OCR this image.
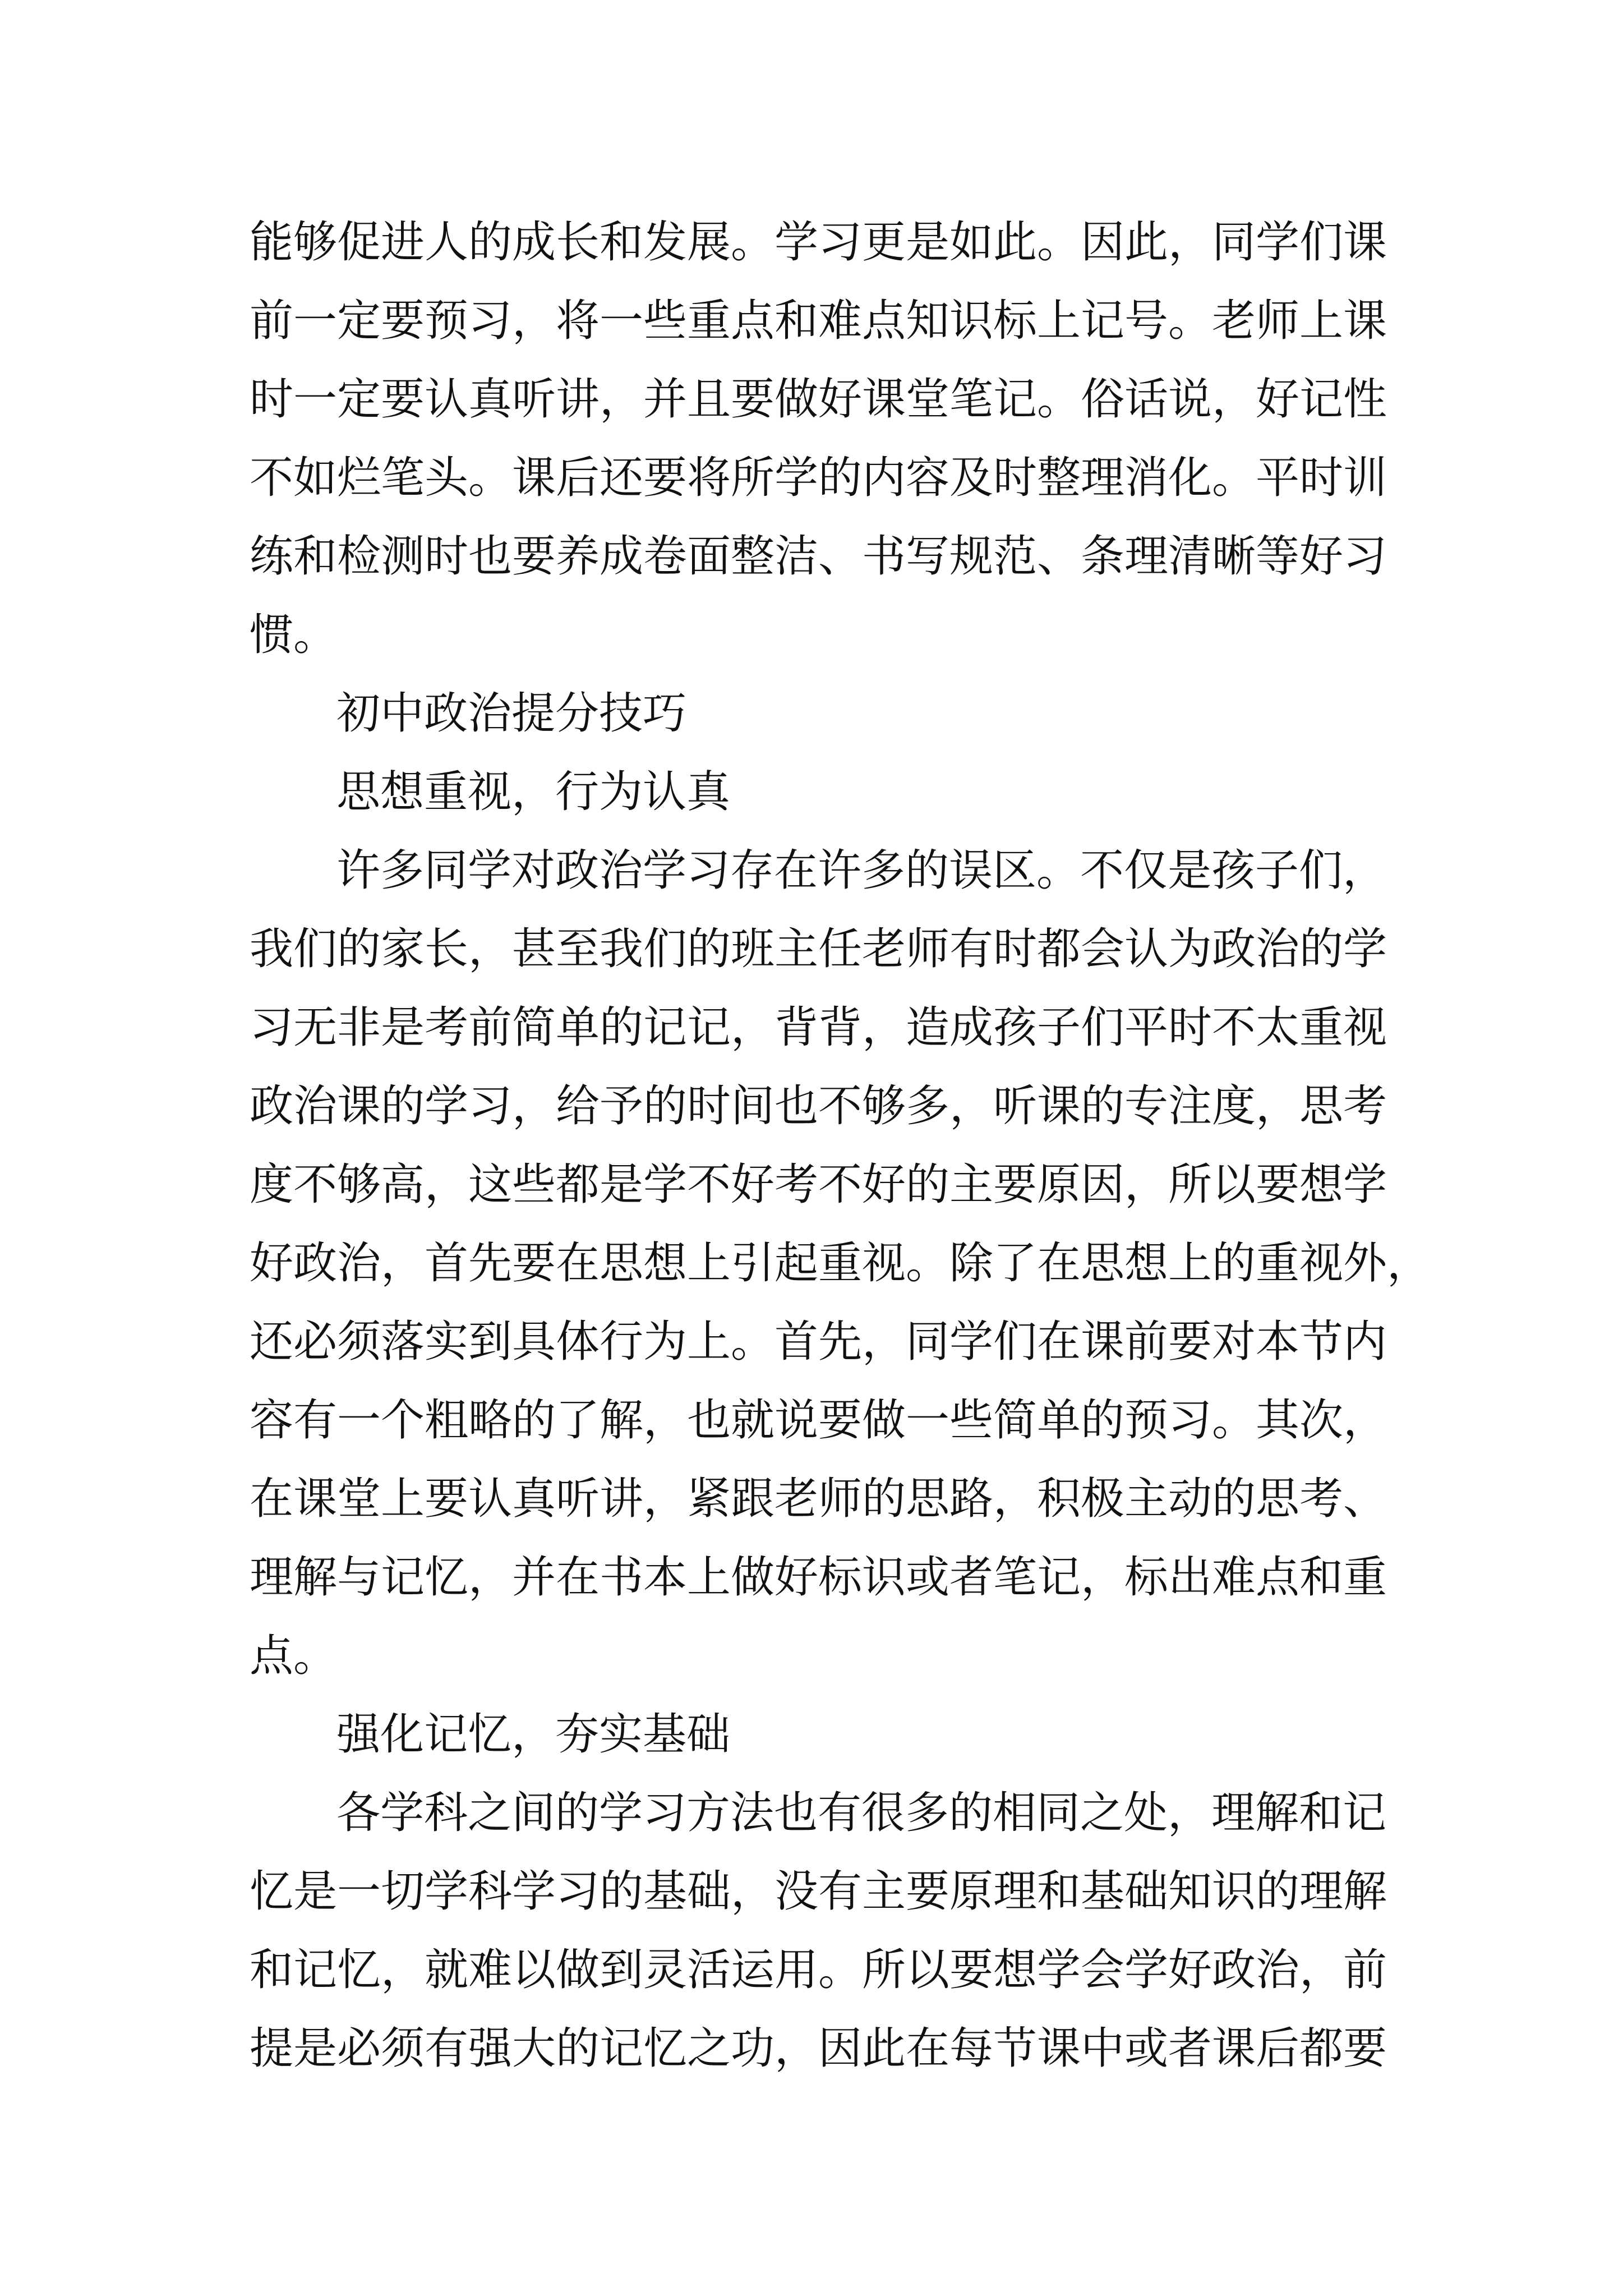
能够促进人的成长和发展。学习更是如此。因此，同学们课
前一定要预习，将一些重点和难点知识标上记号。老师上课
时一定要认真听讲，并且要做好课堂笔记。俗话说，好记性
不如烂笔头。课后还要将所学的内容及时整理消化。平时训
练和检测时也要养成卷面整洁、书写规范、条理清晰等好习
惯。
初中政治提分技巧
思想重视，行为认真
许多同学对政治学习存在许多的误区。不仅是孩子们，
我们的家长，甚至我们的班主任老师有时都会认为政治的学
习无非是考前简单的记记，背背，造成孩子们平时不太重视
政治课的学习，给予的时间也不够多，听课的专注度，思考
度不够高，这些都是学不好考不好的主要原因，所以要想学
好政治，首先要在思想上引起重视。除了在思想上的重视外，
还必须落实到具体行为上。首先，同学们在课前要对本节内
容有一个粗略的了解，也就说要做一些简单的预习。其次，
在课堂上要认真听讲，紧跟老师的思路，积极主动的思考、
理解与记忆，并在书本上做好标识或者笔记，标出难点和重
点。
强化记忆，夯实基础
各学科之间的学习方法也有很多的相同之处，理解和记
忆是一切学科学习的基础，没有主要原理和基础知识的理解
和记忆，就难以做到灵活运用。所以要想学会学好政治，前
提是必须有强大的记忆之功，因此在每节课中或者课后都要
